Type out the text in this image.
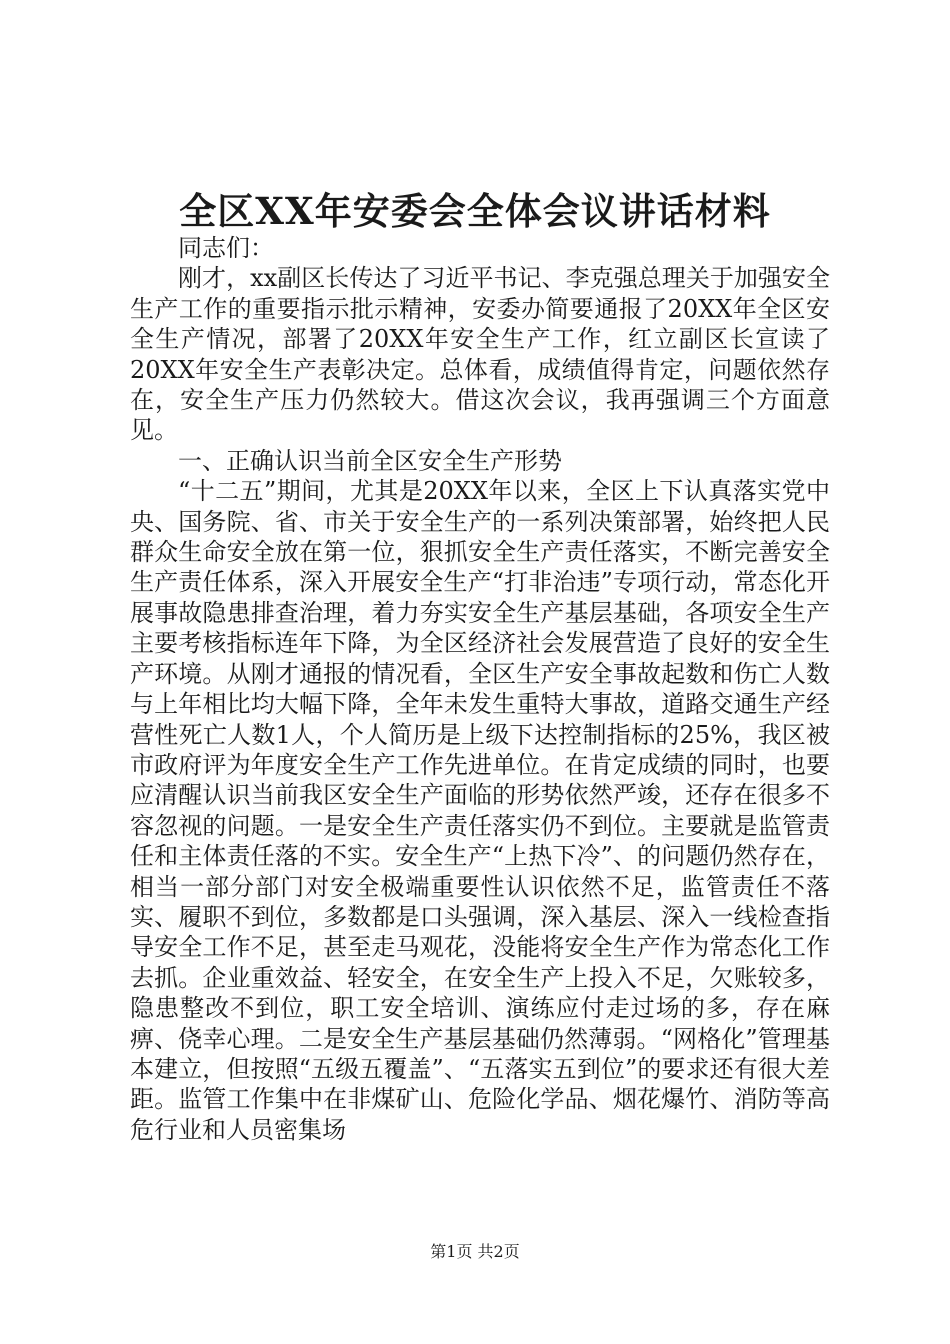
全区XX年安委会全体会议讲话材料

同志们：

刚才，xx副区长传达了习近平书记、李克强总理关于加强安全生产工作的重要指示批示精神，安委办简要通报了20XX年全区安全生产情况，部署了20XX年安全生产工作，红立副区长宣读了20XX年安全生产表彰决定。总体看，成绩值得肯定，问题依然存在，安全生产压力仍然较大。借这次会议，我再强调三个方面意见。

一、正确认识当前全区安全生产形势

“十二五”期间，尤其是20XX年以来，全区上下认真落实党中央、国务院、省、市关于安全生产的一系列决策部署，始终把人民群众生命安全放在第一位，狠抓安全生产责任落实，不断完善安全生产责任体系，深入开展安全生产“打非治违”专项行动，常态化开展事故隐患排查治理，着力夯实安全生产基层基础，各项安全生产主要考核指标连年下降，为全区经济社会发展营造了良好的安全生产环境。从刚才通报的情况看，全区生产安全事故起数和伤亡人数与上年相比均大幅下降，全年未发生重特大事故，道路交通生产经营性死亡人数1人，个人简历是上级下达控制指标的25%，我区被市政府评为年度安全生产工作先进单位。在肯定成绩的同时，也要应清醒认识当前我区安全生产面临的形势依然严竣，还存在很多不容忽视的问题。一是安全生产责任落实仍不到位。主要就是监管责任和主体责任落的不实。安全生产“上热下冷”、的问题仍然存在，相当一部分部门对安全极端重要性认识依然不足，监管责任不落实、履职不到位，多数都是口头强调，深入基层、深入一线检查指导安全工作不足，甚至走马观花，没能将安全生产作为常态化工作去抓。企业重效益、轻安全，在安全生产上投入不足，欠账较多，隐患整改不到位，职工安全培训、演练应付走过场的多，存在麻痹、侥幸心理。二是安全生产基层基础仍然薄弱。“网格化”管理基本建立，但按照“五级五覆盖”、“五落实五到位”的要求还有很大差距。监管工作集中在非煤矿山、危险化学品、烟花爆竹、消防等高危行业和人员密集场

第1页 共2页
